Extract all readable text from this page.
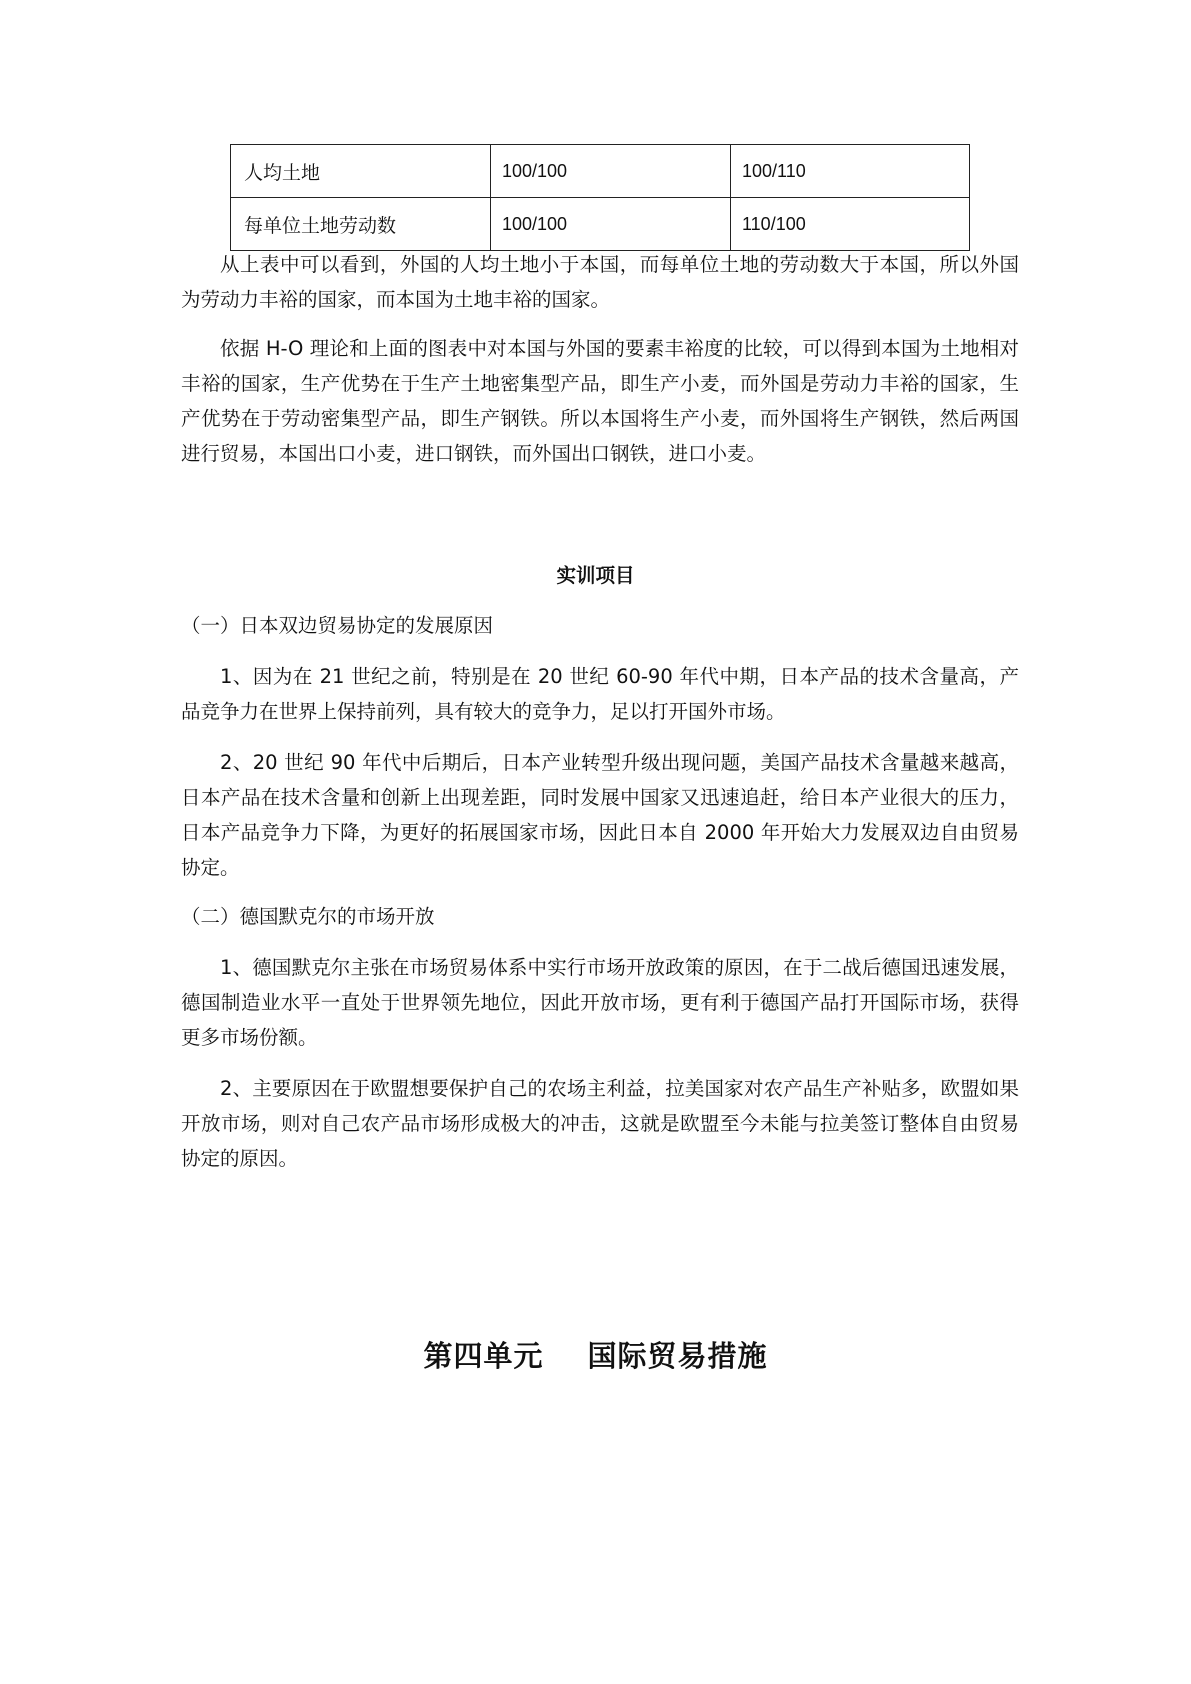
人均土地	100/100	100/110
每单位土地劳动数	100/100	110/100

从上表中可以看到，外国的人均土地小于本国，而每单位土地的劳动数大于本国，所以外国为劳动力丰裕的国家，而本国为土地丰裕的国家。

依据 H-O 理论和上面的图表中对本国与外国的要素丰裕度的比较，可以得到本国为土地相对丰裕的国家，生产优势在于生产土地密集型产品，即生产小麦，而外国是劳动力丰裕的国家，生产优势在于劳动密集型产品，即生产钢铁。所以本国将生产小麦，而外国将生产钢铁，然后两国进行贸易，本国出口小麦，进口钢铁，而外国出口钢铁，进口小麦。

实训项目

（一）日本双边贸易协定的发展原因

1、因为在 21 世纪之前，特别是在 20 世纪 60-90 年代中期，日本产品的技术含量高，产品竞争力在世界上保持前列，具有较大的竞争力，足以打开国外市场。

2、20 世纪 90 年代中后期后，日本产业转型升级出现问题，美国产品技术含量越来越高，日本产品在技术含量和创新上出现差距，同时发展中国家又迅速追赶，给日本产业很大的压力，日本产品竞争力下降，为更好的拓展国家市场，因此日本自 2000 年开始大力发展双边自由贸易协定。

（二）德国默克尔的市场开放

1、德国默克尔主张在市场贸易体系中实行市场开放政策的原因，在于二战后德国迅速发展，德国制造业水平一直处于世界领先地位，因此开放市场，更有利于德国产品打开国际市场，获得更多市场份额。

2、主要原因在于欧盟想要保护自己的农场主利益，拉美国家对农产品生产补贴多，欧盟如果开放市场，则对自己农产品市场形成极大的冲击，这就是欧盟至今未能与拉美签订整体自由贸易协定的原因。

第四单元 国际贸易措施
